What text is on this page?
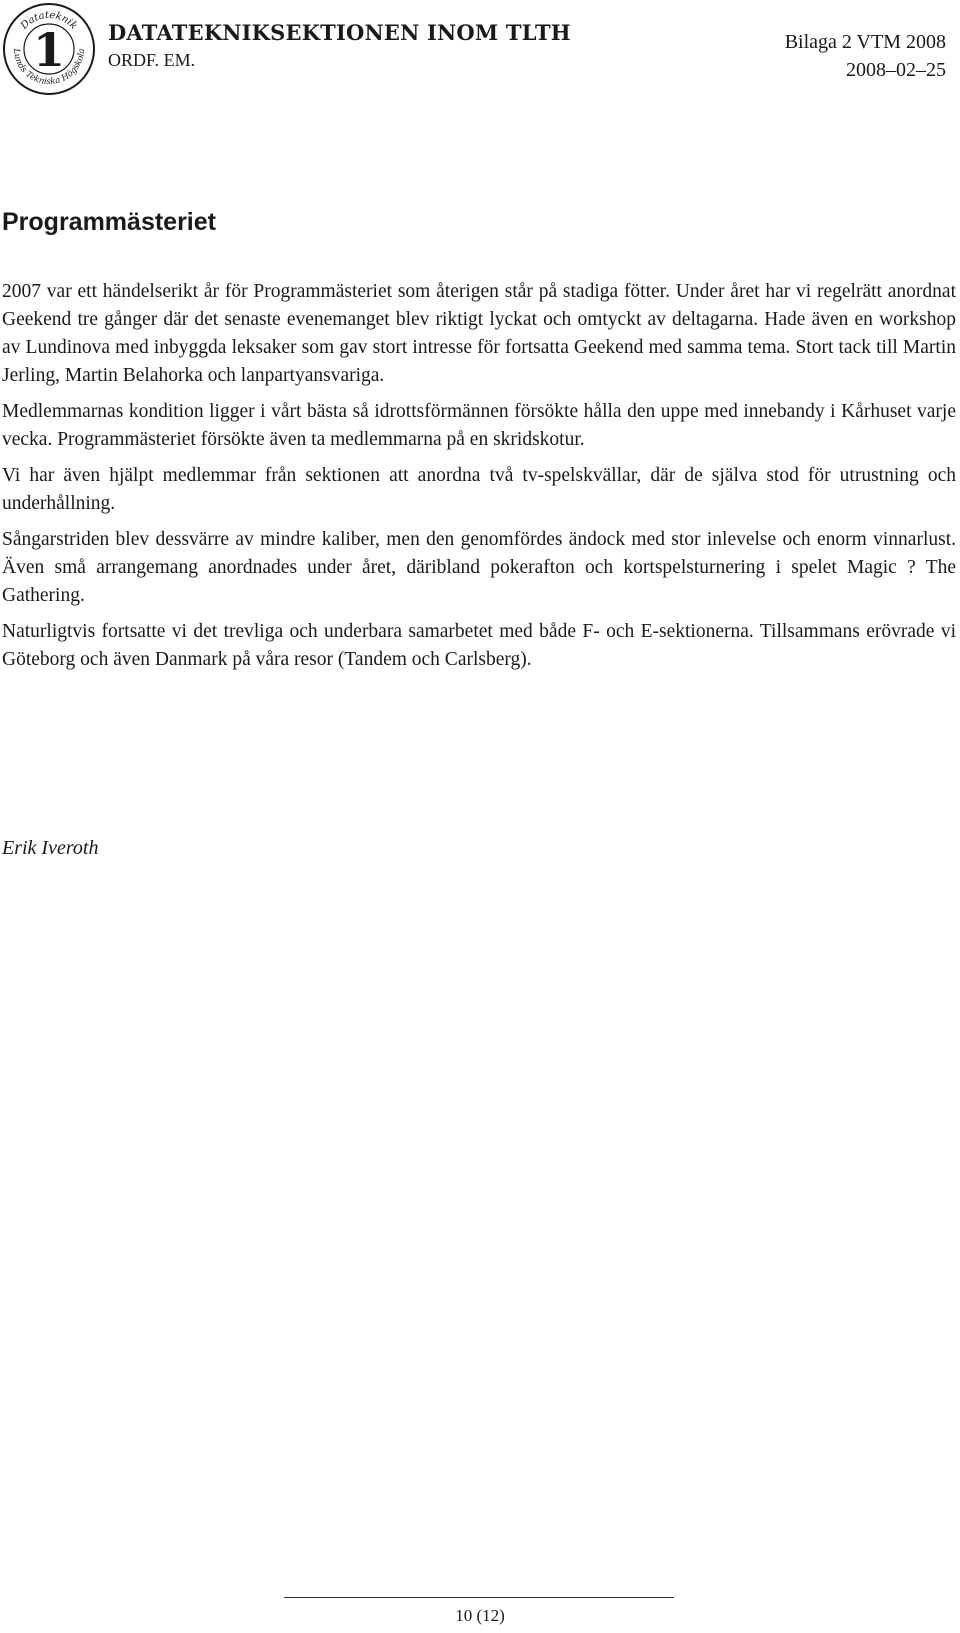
Datateknik
Lunds Tekniska Högskola
1 DATATEKNIKSEKTIONEN INOM TLTH
ORDF. EM.
Bilaga 2 VTM 2008
2008–02–25
Programmästeriet

2007 var ett händelserikt år för Programmästeriet som återigen står på stadiga fötter. Under året har vi regelrätt anordnat Geekend tre gånger där det senaste evenemanget blev riktigt lyckat och omtyckt av deltagarna. Hade även en workshop av Lundinova med inbyggda leksaker som gav stort intresse för fortsatta Geekend med samma tema. Stort tack till Martin Jerling, Martin Belahorka och lanpartyansvariga.

Medlemmarnas kondition ligger i vårt bästa så idrottsförmännen försökte hålla den uppe med innebandy i Kårhuset varje vecka. Programmästeriet försökte även ta medlemmarna på en skridskotur.

Vi har även hjälpt medlemmar från sektionen att anordna två tv-spelskvällar, där de själva stod för utrustning och underhållning.

Sångarstriden blev dessvärre av mindre kaliber, men den genomfördes ändock med stor inlevelse och enorm vinnarlust. Även små arrangemang anordnades under året, däribland pokerafton och kortspelsturnering i spelet Magic ? The Gathering.

Naturligtvis fortsatte vi det trevliga och underbara samarbetet med både F- och E-sektionerna. Tillsammans erövrade vi Göteborg och även Danmark på våra resor (Tandem och Carlsberg).

Erik Iveroth
10 (12)
